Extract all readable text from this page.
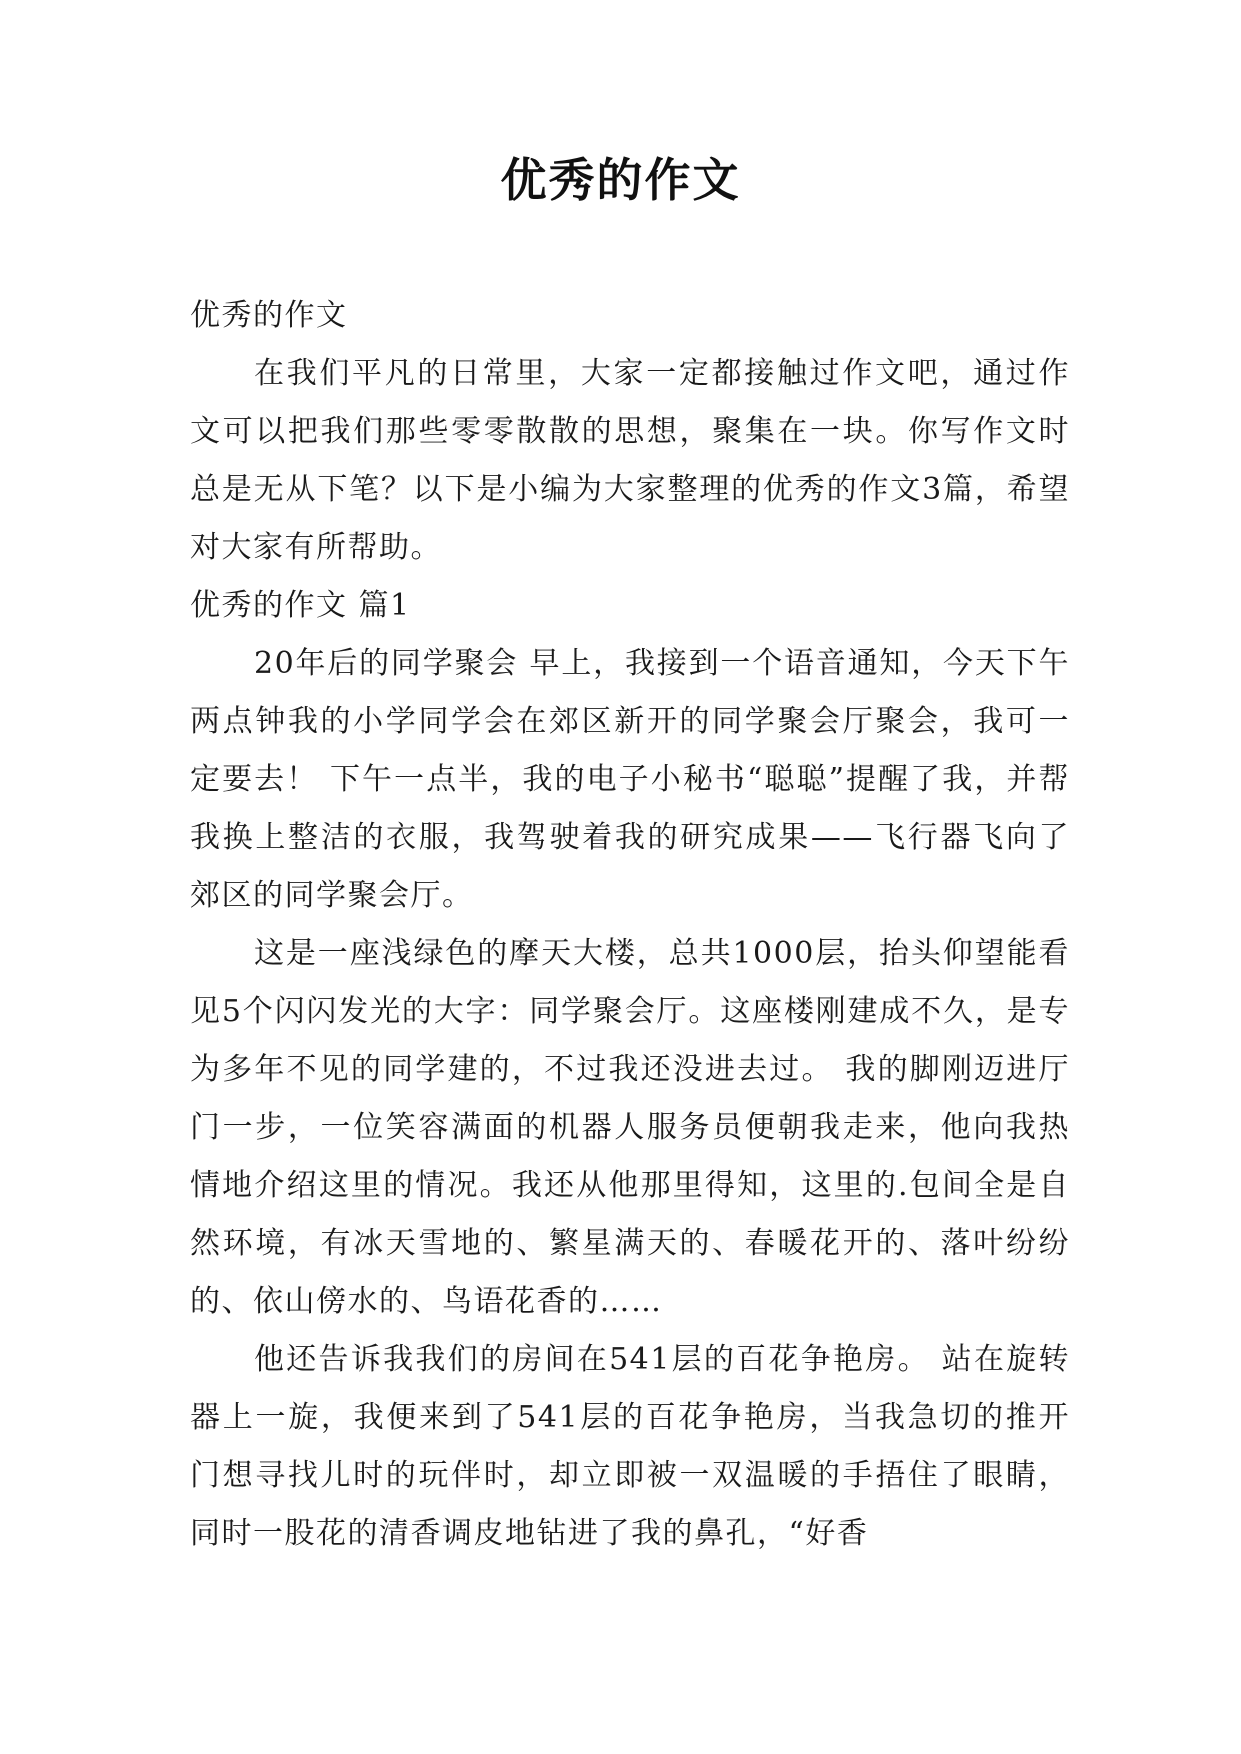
优秀的作文

优秀的作文

在我们平凡的日常里，大家一定都接触过作文吧，通过作文可以把我们那些零零散散的思想，聚集在一块。你写作文时总是无从下笔？以下是小编为大家整理的优秀的作文3篇，希望对大家有所帮助。

优秀的作文 篇1

20年后的同学聚会 早上，我接到一个语音通知，今天下午两点钟我的小学同学会在郊区新开的同学聚会厅聚会，我可一定要去！ 下午一点半，我的电子小秘书“聪聪”提醒了我，并帮我换上整洁的衣服，我驾驶着我的研究成果——飞行器飞向了郊区的同学聚会厅。

这是一座浅绿色的摩天大楼，总共1000层，抬头仰望能看见5个闪闪发光的大字：同学聚会厅。这座楼刚建成不久，是专为多年不见的同学建的，不过我还没进去过。 我的脚刚迈进厅门一步，一位笑容满面的机器人服务员便朝我走来，他向我热情地介绍这里的情况。我还从他那里得知，这里的.包间全是自然环境，有冰天雪地的、繁星满天的、春暖花开的、落叶纷纷的、依山傍水的、鸟语花香的……

他还告诉我我们的房间在541层的百花争艳房。 站在旋转器上一旋，我便来到了541层的百花争艳房，当我急切的推开门想寻找儿时的玩伴时，却立即被一双温暖的手捂住了眼睛，同时一股花的清香调皮地钻进了我的鼻孔，“好香
